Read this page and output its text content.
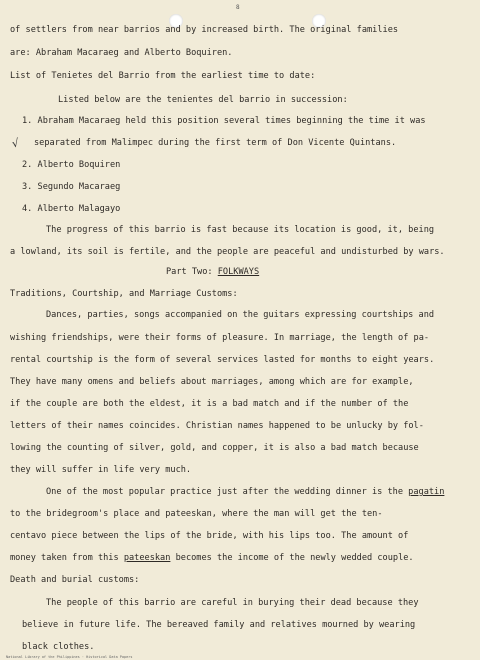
8
√
of settlers from near barrios and by increased birth. The original families
are: Abraham Macaraeg and Alberto Boquiren.
List of Tenietes del Barrio from the earliest time to date:
Listed below are the tenientes del barrio in succession:
1. Abraham Macaraeg held this position several times beginning the time it was
separated from Malimpec during the first term of Don Vicente Quintans.
2. Alberto Boquiren
3. Segundo Macaraeg
4. Alberto Malagayo
The progress of this barrio is fast because its location is good, it, being
a lowland, its soil is fertile, and the people are peaceful and undisturbed by wars.
Part Two: FOLKWAYS
Traditions, Courtship, and Marriage Customs:
Dances, parties, songs accompanied on the guitars expressing courtships and
wishing friendships, were their forms of pleasure. In marriage, the length of pa-
rental courtship is the form of several services lasted for months to eight years.
They have many omens and beliefs about marriages, among which are for example,
if the couple are both the eldest, it is a bad match and if the number of the
letters of their names coincides. Christian names happened to be unlucky by fol-
lowing the counting of silver, gold, and copper, it is also a bad match because
they will suffer in life very much.
One of the most popular practice just after the wedding dinner is the pagatin
to the bridegroom's place and pateeskan, where the man will get the ten-
centavo piece between the lips of the bride, with his lips too. The amount of
money taken from this pateeskan becomes the income of the newly wedded couple.
Death and burial customs:
The people of this barrio are careful in burying their dead because they
believe in future life. The bereaved family and relatives mourned by wearing
black clothes.
National Library of the Philippines · Historical Data Papers
